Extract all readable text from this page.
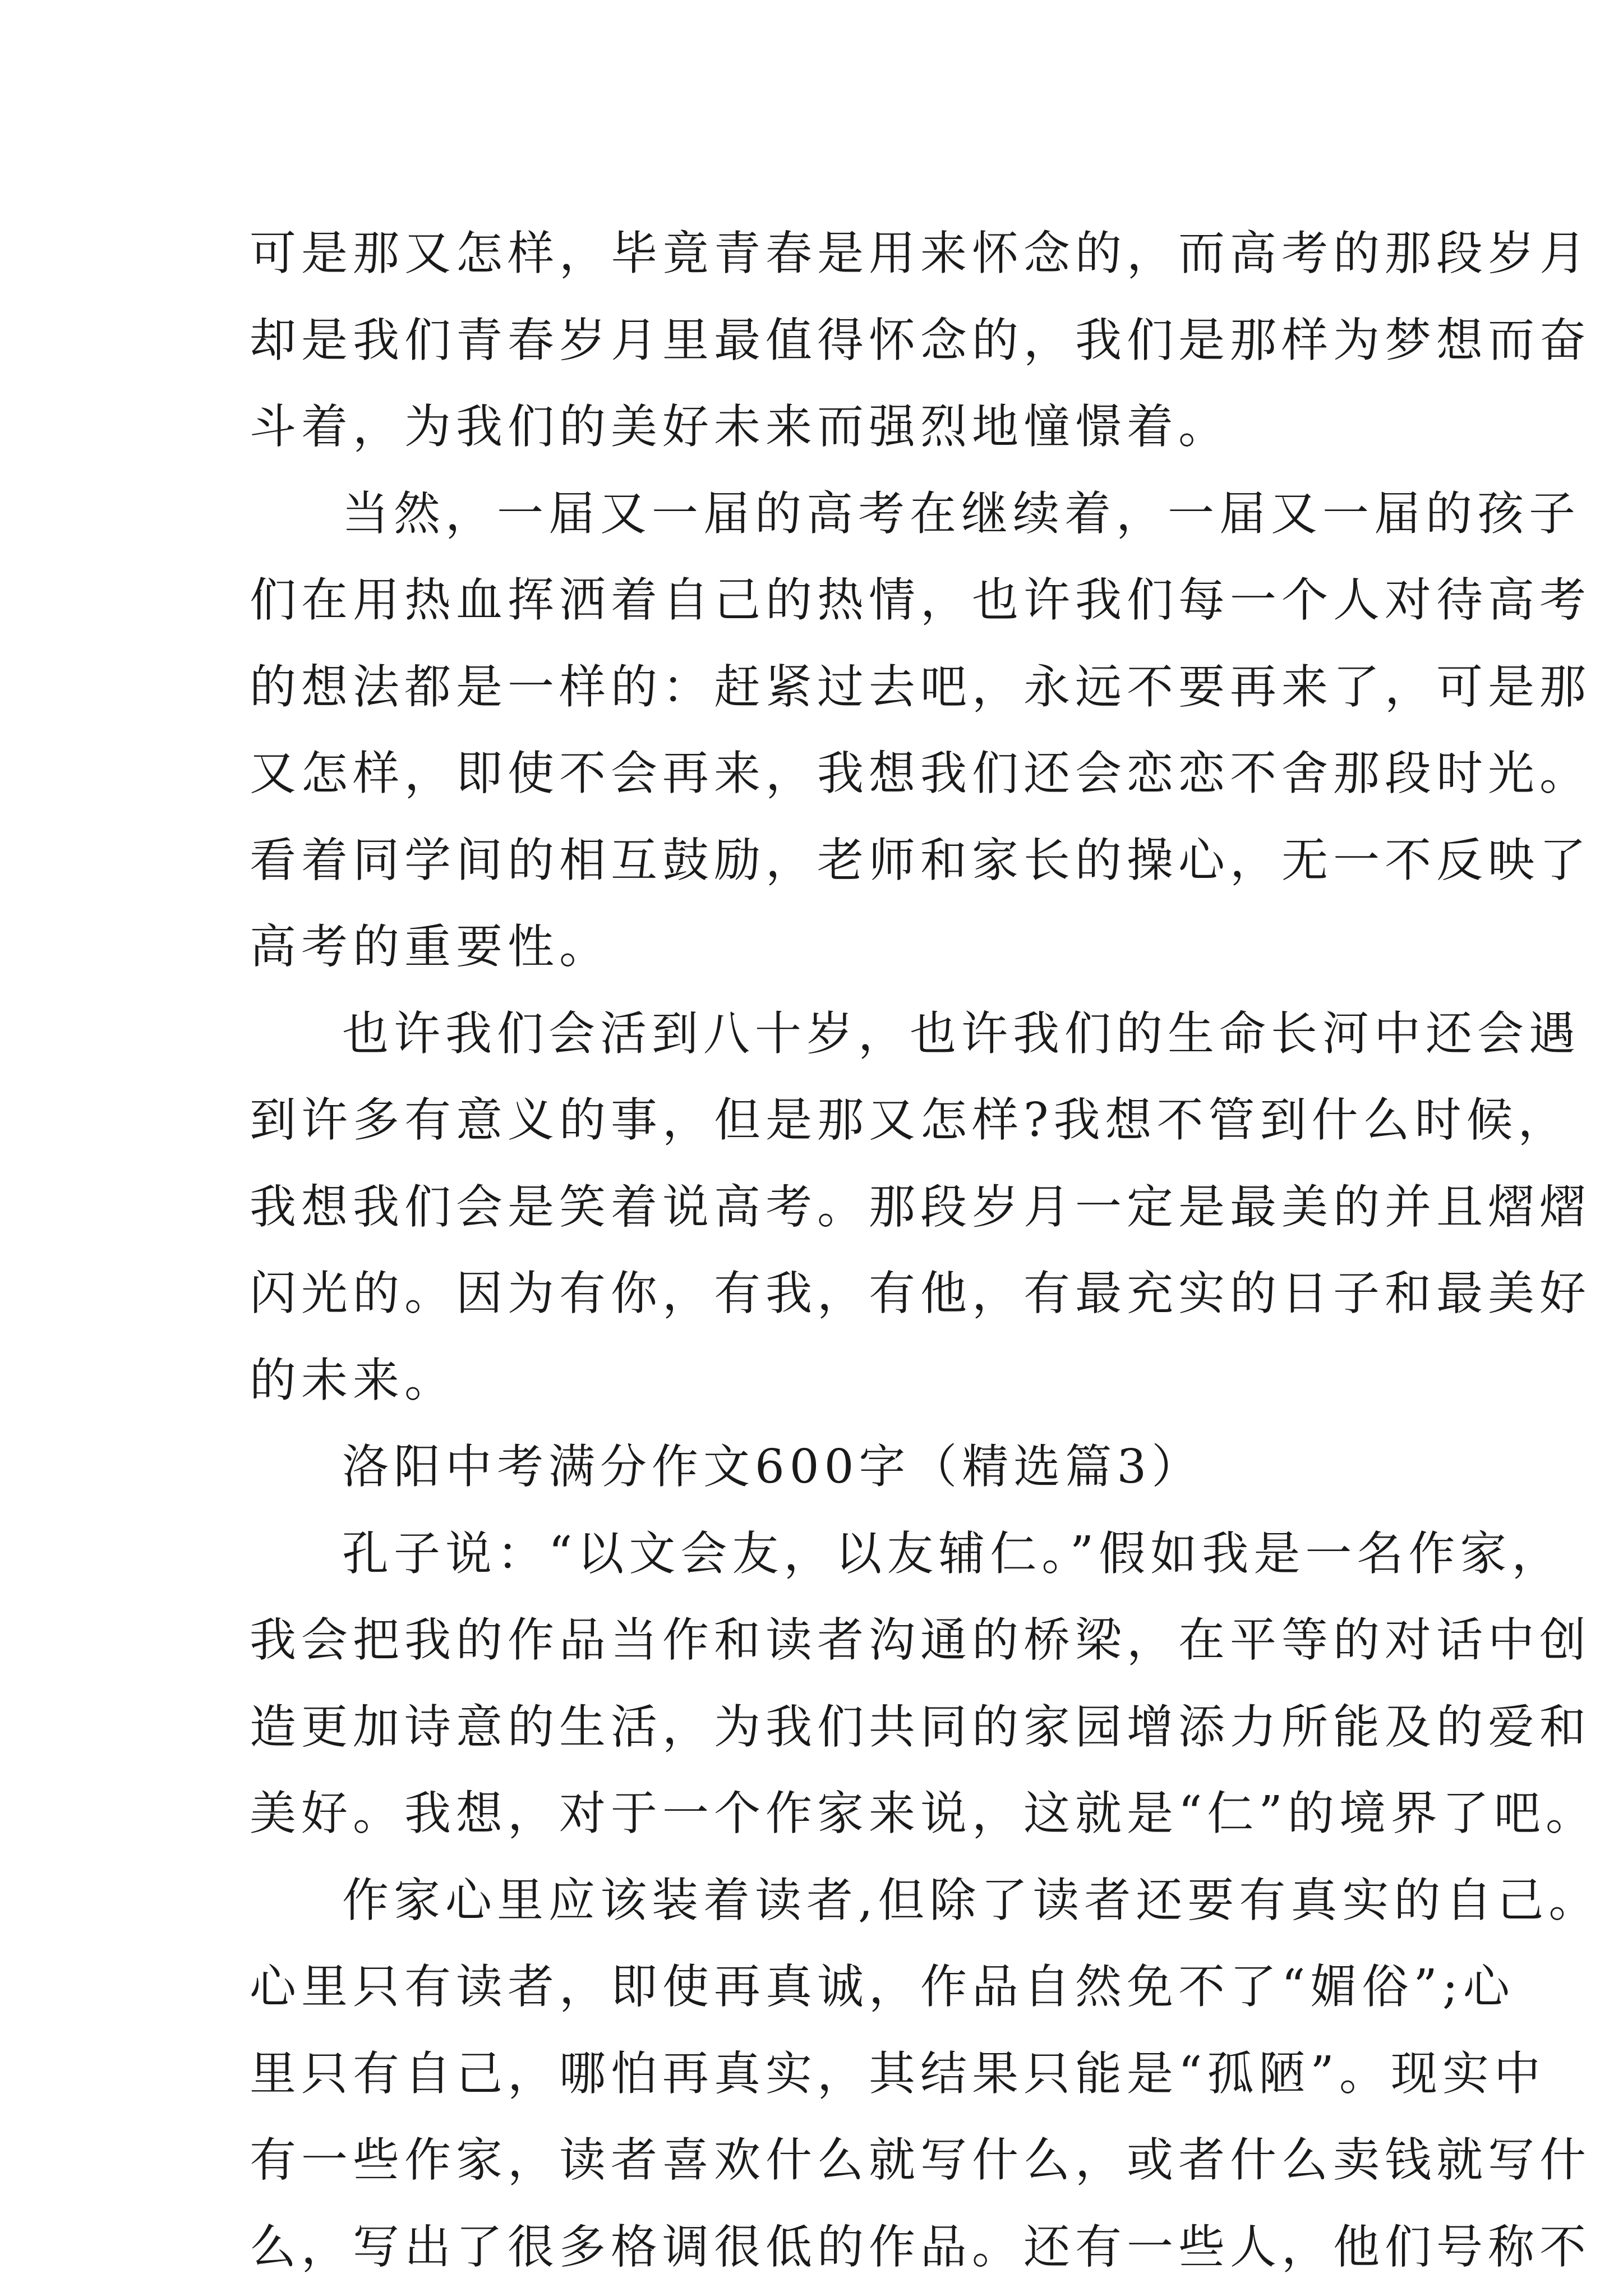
可是那又怎样，毕竟青春是用来怀念的，而高考的那段岁月
却是我们青春岁月里最值得怀念的，我们是那样为梦想而奋
斗着，为我们的美好未来而强烈地憧憬着。
当然，一届又一届的高考在继续着，一届又一届的孩子
们在用热血挥洒着自己的热情，也许我们每一个人对待高考
的想法都是一样的：赶紧过去吧，永远不要再来了，可是那
又怎样，即使不会再来，我想我们还会恋恋不舍那段时光。
看着同学间的相互鼓励，老师和家长的操心，无一不反映了
高考的重要性。
也许我们会活到八十岁，也许我们的生命长河中还会遇
到许多有意义的事，但是那又怎样?我想不管到什么时候，
我想我们会是笑着说高考。那段岁月一定是最美的并且熠熠
闪光的。因为有你，有我，有他，有最充实的日子和最美好
的未来。
洛阳中考满分作文600字（精选篇3）
孔子说：“以文会友，以友辅仁。”假如我是一名作家，
我会把我的作品当作和读者沟通的桥梁，在平等的对话中创
造更加诗意的生活，为我们共同的家园增添力所能及的爱和
美好。我想，对于一个作家来说，这就是“仁”的境界了吧。
作家心里应该装着读者,但除了读者还要有真实的自己。
心里只有读者，即使再真诚，作品自然免不了“媚俗”;心
里只有自己，哪怕再真实，其结果只能是“孤陋”。现实中
有一些作家，读者喜欢什么就写什么，或者什么卖钱就写什
么，写出了很多格调很低的作品。还有一些人，他们号称不
